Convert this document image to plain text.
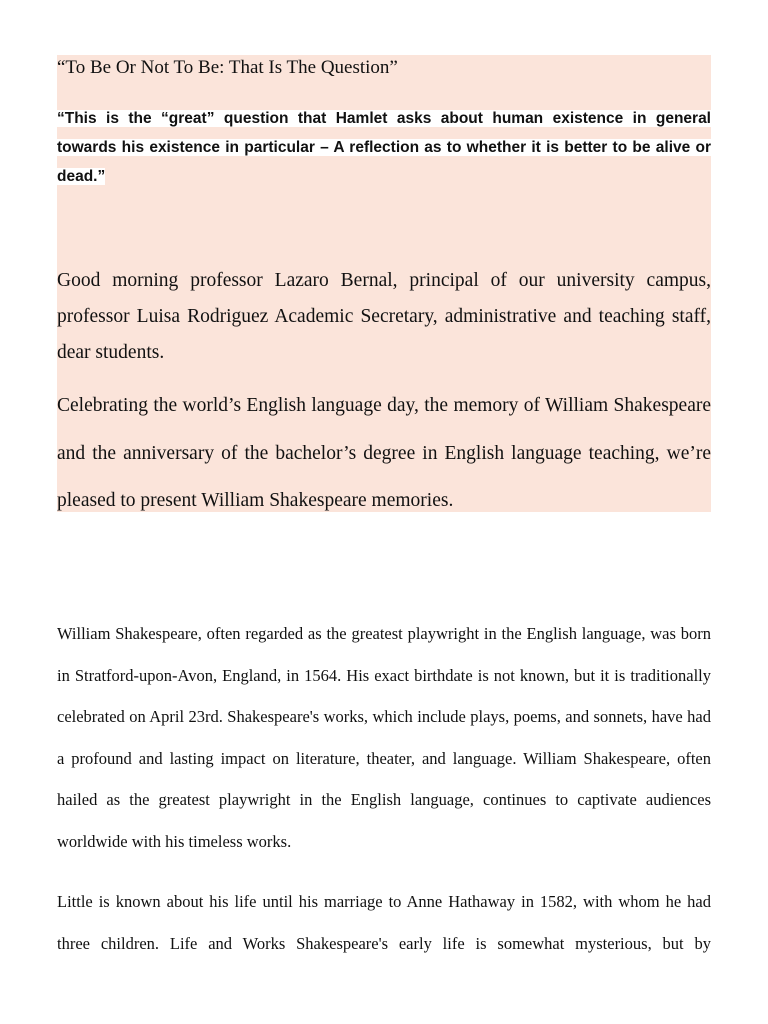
“To Be Or Not To Be: That Is The Question”

“This is the “great” question that Hamlet asks about human existence in general towards his existence in particular – A reflection as to whether it is better to be alive or dead.”

Good morning professor Lazaro Bernal, principal of our university campus, professor Luisa Rodriguez Academic Secretary, administrative and teaching staff, dear students.

Celebrating the world’s English language day, the memory of William Shakespeare and the anniversary of the bachelor’s degree in English language teaching, we’re pleased to present William Shakespeare memories.

William Shakespeare, often regarded as the greatest playwright in the English language, was born in Stratford-upon-Avon, England, in 1564. His exact birthdate is not known, but it is traditionally celebrated on April 23rd. Shakespeare's works, which include plays, poems, and sonnets, have had a profound and lasting impact on literature, theater, and language. William Shakespeare, often hailed as the greatest playwright in the English language, continues to captivate audiences worldwide with his timeless works.

Little is known about his life until his marriage to Anne Hathaway in 1582, with whom he had three children. Life and Works Shakespeare's early life is somewhat mysterious, but by
